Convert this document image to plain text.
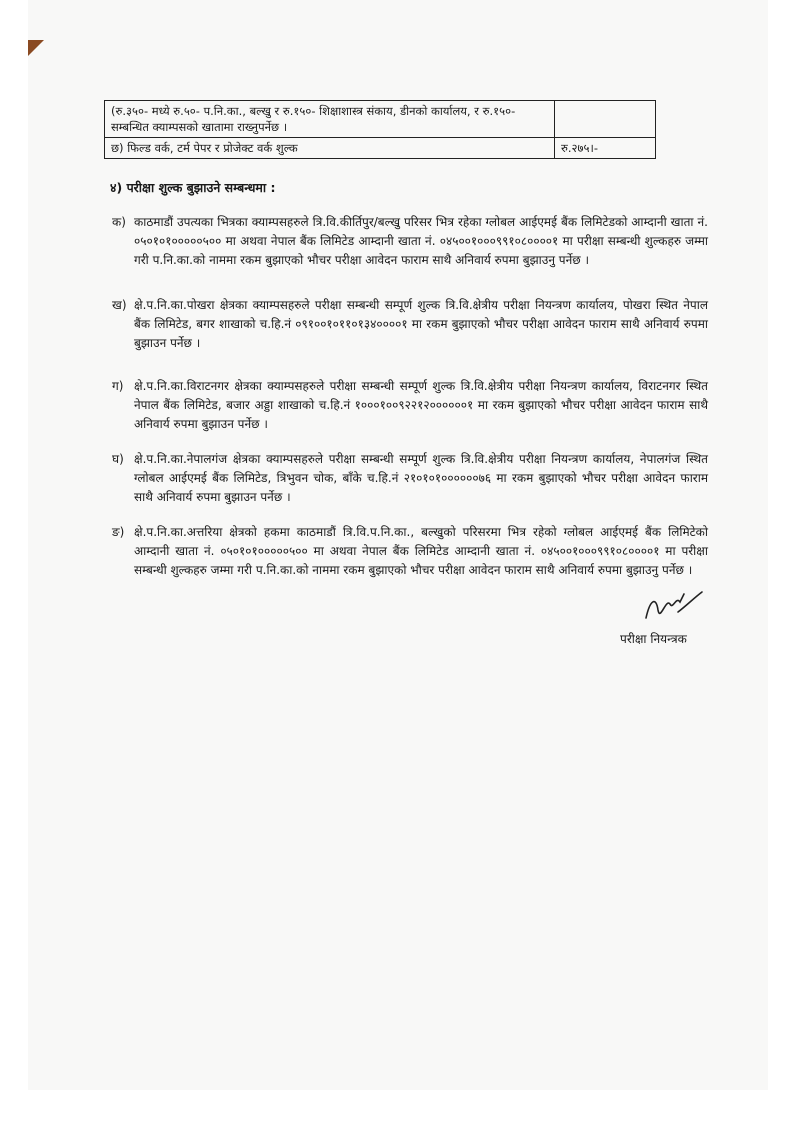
(रु.३५०- मध्ये रु.५०- प.नि.का., बल्खु र रु.१५०- शिक्षाशास्त्र संकाय, डीनको कार्यालय, र रु.१५०- सम्बन्धित क्याम्पसको खातामा राख्नुपर्नेछ ।	
छ) फिल्ड वर्क, टर्म पेपर र प्रोजेक्ट वर्क शुल्क	रु.२७५।-

४) परीक्षा शुल्क बुझाउने सम्बन्धमा :

क) काठमाडौं उपत्यका भित्रका क्याम्पसहरुले त्रि.वि.कीर्तिपुर/बल्खु परिसर भित्र रहेका ग्लोबल आईएमई बैंक लिमिटेडको आम्दानी खाता नं. ०५०१०१०००००५०० मा अथवा नेपाल बैंक लिमिटेड आम्दानी खाता नं. ०४५००१०००९९१०८००००१ मा परीक्षा सम्बन्धी शुल्कहरु जम्मा गरी प.नि.का.को नाममा रकम बुझाएको भौचर परीक्षा आवेदन फाराम साथै अनिवार्य रुपमा बुझाउनु पर्नेछ ।
ख) क्षे.प.नि.का.पोखरा क्षेत्रका क्याम्पसहरुले परीक्षा सम्बन्धी सम्पूर्ण शुल्क त्रि.वि.क्षेत्रीय परीक्षा नियन्त्रण कार्यालय, पोखरा स्थित नेपाल बैंक लिमिटेड, बगर शाखाको च.हि.नं ०९१००१०११०१३४००००१ मा रकम बुझाएको भौचर परीक्षा आवेदन फाराम साथै अनिवार्य रुपमा बुझाउन पर्नेछ ।
ग) क्षे.प.नि.का.विराटनगर क्षेत्रका क्याम्पसहरुले परीक्षा सम्बन्धी सम्पूर्ण शुल्क त्रि.वि.क्षेत्रीय परीक्षा नियन्त्रण कार्यालय, विराटनगर स्थित नेपाल बैंक लिमिटेड, बजार अड्डा शाखाको च.हि.नं १०००१००९२२१२००००००१ मा रकम बुझाएको भौचर परीक्षा आवेदन फाराम साथै अनिवार्य रुपमा बुझाउन पर्नेछ ।
घ) क्षे.प.नि.का.नेपालगंज क्षेत्रका क्याम्पसहरुले परीक्षा सम्बन्धी सम्पूर्ण शुल्क त्रि.वि.क्षेत्रीय परीक्षा नियन्त्रण कार्यालय, नेपालगंज स्थित ग्लोबल आईएमई बैंक लिमिटेड, त्रिभुवन चोक, बाँके च.हि.नं २१०१०१००००००७६ मा रकम बुझाएको भौचर परीक्षा आवेदन फाराम साथै अनिवार्य रुपमा बुझाउन पर्नेछ ।
ङ) क्षे.प.नि.का.अत्तरिया क्षेत्रको हकमा काठमाडौं त्रि.वि.प.नि.का., बल्खुको परिसरमा भित्र रहेको ग्लोबल आईएमई बैंक लिमिटेको आम्दानी खाता नं. ०५०१०१०००००५०० मा अथवा नेपाल बैंक लिमिटेड आम्दानी खाता नं. ०४५००१०००९९१०८००००१ मा परीक्षा सम्बन्धी शुल्कहरु जम्मा गरी प.नि.का.को नाममा रकम बुझाएको भौचर परीक्षा आवेदन फाराम साथै अनिवार्य रुपमा बुझाउनु पर्नेछ ।

परीक्षा नियन्त्रक
